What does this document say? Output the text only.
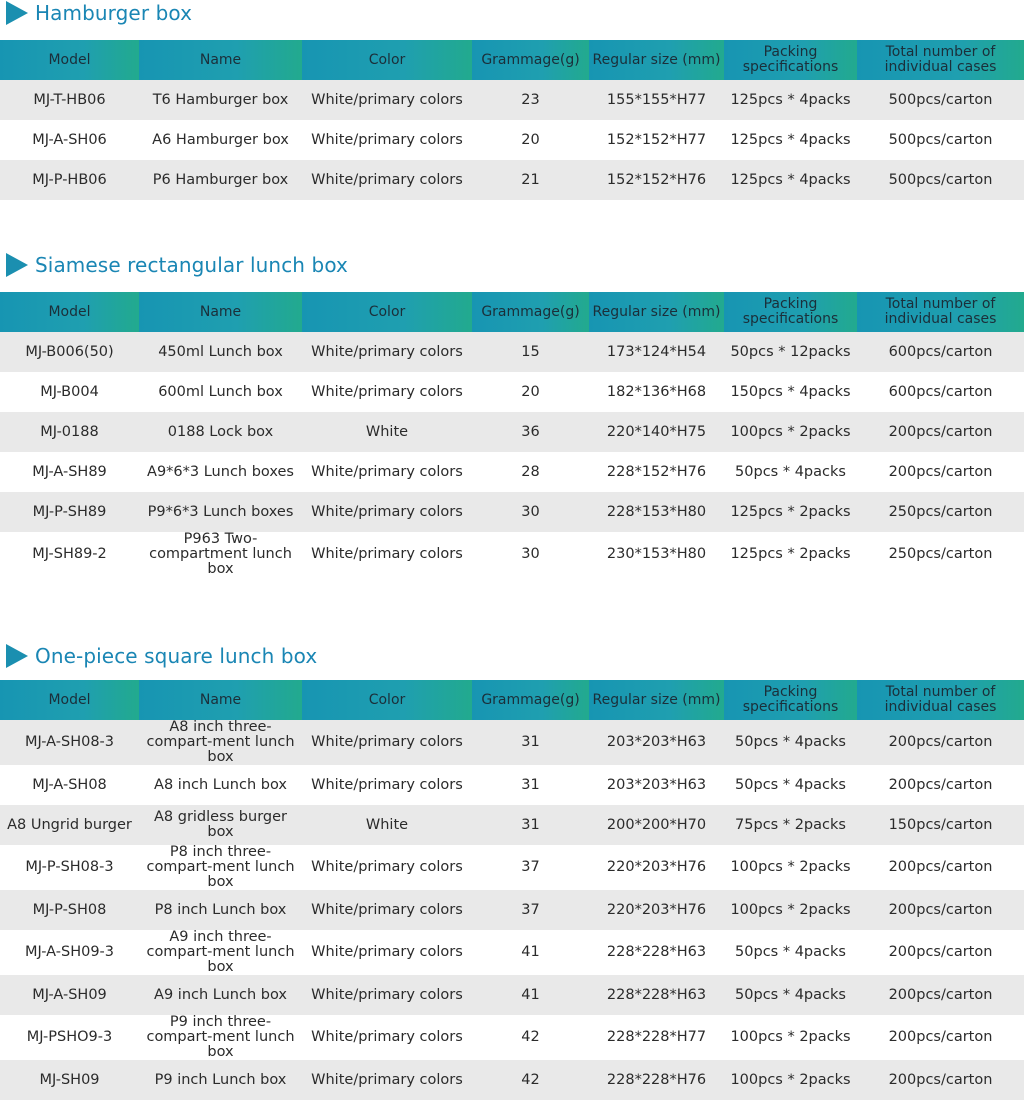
Hamburger box
Model	Name	Color	Grammage(g)	Regular size (mm)	Packing specifications	Total number of individual cases
MJ-T-HB06	T6 Hamburger box	White/primary colors	23	155*155*H77	125pcs * 4packs	500pcs/carton
MJ-A-SH06	A6 Hamburger box	White/primary colors	20	152*152*H77	125pcs * 4packs	500pcs/carton
MJ-P-HB06	P6 Hamburger box	White/primary colors	21	152*152*H76	125pcs * 4packs	500pcs/carton
Siamese rectangular lunch box
Model	Name	Color	Grammage(g)	Regular size (mm)	Packing specifications	Total number of individual cases
MJ-B006(50)	450ml Lunch box	White/primary colors	15	173*124*H54	50pcs * 12packs	600pcs/carton
MJ-B004	600ml Lunch box	White/primary colors	20	182*136*H68	150pcs * 4packs	600pcs/carton
MJ-0188	0188 Lock box	White	36	220*140*H75	100pcs * 2packs	200pcs/carton
MJ-A-SH89	A9*6*3 Lunch boxes	White/primary colors	28	228*152*H76	50pcs * 4packs	200pcs/carton
MJ-P-SH89	P9*6*3 Lunch boxes	White/primary colors	30	228*153*H80	125pcs * 2packs	250pcs/carton
MJ-SH89-2	P963 Two-compartment lunch box	White/primary colors	30	230*153*H80	125pcs * 2packs	250pcs/carton
One-piece square lunch box
Model	Name	Color	Grammage(g)	Regular size (mm)	Packing specifications	Total number of individual cases
MJ-A-SH08-3	A8 inch three-compart-ment lunch box	White/primary colors	31	203*203*H63	50pcs * 4packs	200pcs/carton
MJ-A-SH08	A8 inch Lunch box	White/primary colors	31	203*203*H63	50pcs * 4packs	200pcs/carton
A8 Ungrid burger	A8 gridless burger box	White	31	200*200*H70	75pcs * 2packs	150pcs/carton
MJ-P-SH08-3	P8 inch three-compart-ment lunch box	White/primary colors	37	220*203*H76	100pcs * 2packs	200pcs/carton
MJ-P-SH08	P8 inch Lunch box	White/primary colors	37	220*203*H76	100pcs * 2packs	200pcs/carton
MJ-A-SH09-3	A9 inch three-compart-ment lunch box	White/primary colors	41	228*228*H63	50pcs * 4packs	200pcs/carton
MJ-A-SH09	A9 inch Lunch box	White/primary colors	41	228*228*H63	50pcs * 4packs	200pcs/carton
MJ-PSHO9-3	P9 inch three-compart-ment lunch box	White/primary colors	42	228*228*H77	100pcs * 2packs	200pcs/carton
MJ-SH09	P9 inch Lunch box	White/primary colors	42	228*228*H76	100pcs * 2packs	200pcs/carton
